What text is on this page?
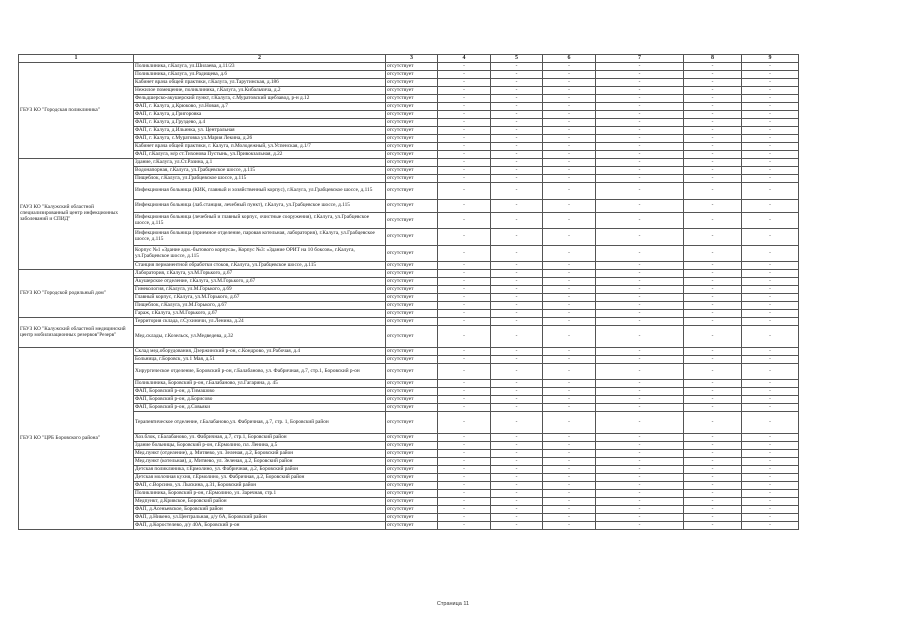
1	2	3	4	5	6	7	8	9
ГБУЗ КО "Городская поликлиника"	Поликлиника, г.Калуга, ул.Шилаева, д.11/23	отсутствует	-	-	-	-	-	-
	Поликлиника, г.Калуга, ул.Радищева, д.6	отсутствует	-	-	-	-	-	-
	Кабинет врача общей практики, г.Калуга, ул.Тарутинская, д.186	отсутствует	-	-	-	-	-	-
	Нежилое помещение, поликлиника, г.Калуга, ул.Кибальчича, д.2	отсутствует	-	-	-	-	-	-
	Фельдшерско-акушерский пункт, г.Калуга, с.Муратовский щебзавод, р-н д.12	отсутствует	-	-	-	-	-	-
	ФАП, г. Калуга, д.Крюково, ул.Новая, д.7	отсутствует	-	-	-	-	-	-
	ФАП, г. Калуга, д.Григоровка	отсутствует	-	-	-	-	-	-
	ФАП, г. Калуга, д.Груздево, д.4	отсутствует	-	-	-	-	-	-
	ФАП, г. Калуга, д.Ильинка, ул. Центральная	отсутствует	-	-	-	-	-	-
	ФАП, г. Калуга, с.Муратовка ул.Мария Лекина, д.26	отсутствует	-	-	-	-	-	-
	Кабинет врача общей практики, г. Калуга, п.Молодежный, ул.Успенская, д.1/7	отсутствует	-	-	-	-	-	-
	ФАП, г.Калуга, м/р ст.Тихонова Пустынь, ул.Привокзальная, д.22	отсутствует	-	-	-	-	-	-
ГАУЗ КО "Калужский областной специализированный центр инфекционных заболеваний и СПИД"	Здание, г.Калуга, ул.Ст.Разина, д.1	отсутствует	-	-	-	-	-	-
	Водонапорная, г.Калуга, ул.Грабцевское шоссе, д.115	отсутствует	-	-	-	-	-	-
	Пищеблок, г.Калуга, ул.Грабцевское шоссе, д.115	отсутствует	-	-	-	-	-	-
	Инфекционная больница (КИК, главный и хозяйственный корпус), г.Калуга, ул.Грабцевское шоссе, д.115	отсутствует	-	-	-	-	-	-
	Инфекционная больница (лаб.станция, лечебный пункт), г.Калуга, ул.Грабцевское шоссе, д.115	отсутствует	-	-	-	-	-	-
	Инфекционная больница (лечебный и главный корпус, очистные сооружения), г.Калуга, ул.Грабцевское шоссе, д.115	отсутствует	-	-	-	-	-	-
	Инфекционная больница (приемное отделение, паровая котельная, лаборатория), г.Калуга, ул.Грабцевское шоссе, д.115	отсутствует	-	-	-	-	-	-
	Корпус №1 «Здание адм.-бытового корпуса», Корпус №3: «Здание ОРИТ на 10 боксов», г.Калуга, ул.Грабцевское шоссе, д.115	отсутствует	-	-	-	-	-	-
	Станция перманентной обработки стоков, г.Калуга, ул.Грабцевское шоссе, д.115	отсутствует	-	-	-	-	-	-
ГБУЗ КО "Городской родильный дом"	Лаборатория, г.Калуга, ул.М.Горького, д.67	отсутствует	-	-	-	-	-	-
	Акушерское отделение, г.Калуга, ул.М.Горького, д.67	отсутствует	-	-	-	-	-	-
	Гинекология, г.Калуга, ул.М.Горького, д.69	отсутствует	-	-	-	-	-	-
	Главный корпус, г.Калуга, ул.М.Горького, д.67	отсутствует	-	-	-	-	-	-
	Пищеблок, г.Калуга, ул.М.Горького, д.67	отсутствует	-	-	-	-	-	-
	Гараж, г.Калуга, ул.М.Горького, д.67	отсутствует	-	-	-	-	-	-
ГБУЗ КО "Калужский областной медицинский центр мобилизационных резервов"Резерв"	Территория склада, г.Сухиничи, ул.Ленина, д.24	отсутствует	-	-	-	-	-	-
	Мед.склады, г.Козельск, ул.Медведева, д.32	отсутствует	-	-	-	-	-	-
ГБУЗ КО "ЦРБ Боровского района"	Склад мед.оборудования, Дзержинский р-он, с.Кондрово, ул.Рабочая, д.4	отсутствует	-	-	-	-	-	-
	Больница, г.Боровск, ул.1 Мая, д.51	отсутствует	-	-	-	-	-	-
	Хирургическое отделение, Боровский р-он, г.Балабаново, ул. Фабричная, д.7, стр.1, Боровский р-он	отсутствует	-	-	-	-	-	-
	Поликлиника, Боровский р-он, г.Балабаново, ул.Гагарина, д. 45	отсутствует	-	-	-	-	-	-
	ФАП, Боровский р-он, д.Тимашово	отсутствует	-	-	-	-	-	-
	ФАП, Боровский р-он, д.Борисово	отсутствует	-	-	-	-	-	-
	ФАП, Боровский р-он, д.Совьяки	отсутствует	-	-	-	-	-	-
	Терапевтическое отделение, г.Балабаново,ул. Фабричная, д.7, стр. 1, Боровский район	отсутствует	-	-	-	-	-	-
	Хоз.блок, г.Балабаново, ул. Фабричная, д.7, стр.1, Боровский район	отсутствует	-	-	-	-	-	-
	Здание больницы, Боровский р-он, г.Ермолино, пл. Ленина, д.5	отсутствует	-	-	-	-	-	-
	Мед.пункт (отделение), д. Митяево, ул. Зеленая, д.2, Боровский район	отсутствует	-	-	-	-	-	-
	Мед.пункт (котельная), д. Митяево, ул. Зеленая, д.2, Боровский район	отсутствует	-	-	-	-	-	-
	Детская поликлиника, г.Ермолино, ул. Фабричная, д.2, Боровский район	отсутствует	-	-	-	-	-	-
	Детская молочная кухня, г.Ермолино, ул. Фабричная, д.2, Боровский район	отсутствует	-	-	-	-	-	-
	ФАП, с.Ворсино, ул. Лыскина, д.31, Боровский район	отсутствует	-	-	-	-	-	-
	Поликлиника, Боровский р-он, г.Ермолино, ул. Заречная, стр.1	отсутствует	-	-	-	-	-	-
	Медпункт, д.Кривское, Боровский район	отсутствует	-	-	-	-	-	-
	ФАП, д.Асеньевское, Боровский район	отсутствует	-	-	-	-	-	-
	ФАП, д.Никено, ул.Центральная, д/у 6А, Боровский район	отсутствует	-	-	-	-	-	-
	ФАП, д.Коростелево, д/у 40А, Боровский р-он	отсутствует	-	-	-	-	-	-
Страница 11
